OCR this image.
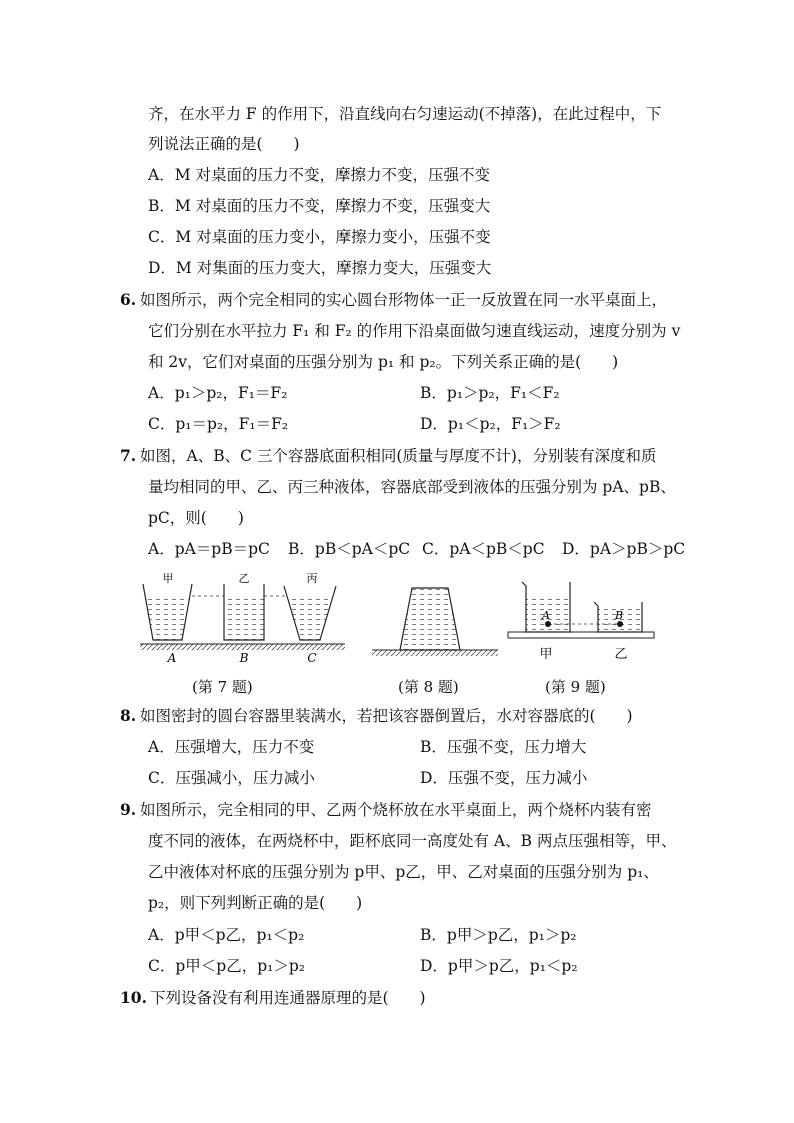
齐，在水平力 F 的作用下，沿直线向右匀速运动(不掉落)，在此过程中，下
列说法正确的是(　　)
A．M 对桌面的压力不变，摩擦力不变，压强不变
B．M 对桌面的压力不变，摩擦力不变，压强变大
C．M 对桌面的压力变小，摩擦力变小，压强不变
D．M 对集面的压力变大，摩擦力变大，压强变大
6. 如图所示，两个完全相同的实心圆台形物体一正一反放置在同一水平桌面上，
它们分别在水平拉力 F₁ 和 F₂ 的作用下沿桌面做匀速直线运动，速度分别为 v
和 2v，它们对桌面的压强分别为 p₁ 和 p₂。下列关系正确的是(　　)
A．p₁＞p₂，F₁＝F₂	B．p₁＞p₂，F₁＜F₂
C．p₁＝p₂，F₁＝F₂	D．p₁＜p₂，F₁＞F₂
7. 如图，A、B、C 三个容器底面积相同(质量与厚度不计)，分别装有深度和质
量均相同的甲、乙、丙三种液体，容器底部受到液体的压强分别为 pA、pB、
pC，则(　　)
A．pA＝pB＝pC B．pB＜pA＜pC C．pA＜pB＜pC D．pA＞pB＞pC
甲	乙	丙
A	B	C
A	B
甲	乙
(第 7 题)	(第 8 题)	(第 9 题)
8. 如图密封的圆台容器里装满水，若把该容器倒置后，水对容器底的(　　)
A．压强增大，压力不变	B．压强不变，压力增大
C．压强减小，压力减小	D．压强不变，压力减小
9. 如图所示，完全相同的甲、乙两个烧杯放在水平桌面上，两个烧杯内装有密
度不同的液体，在两烧杯中，距杯底同一高度处有 A、B 两点压强相等，甲、
乙中液体对杯底的压强分别为 p甲、p乙，甲、乙对桌面的压强分别为 p₁、
p₂，则下列判断正确的是(　　)
A．p甲＜p乙，p₁＜p₂	B．p甲＞p乙，p₁＞p₂
C．p甲＜p乙，p₁＞p₂	D．p甲＞p乙，p₁＜p₂
10. 下列设备没有利用连通器原理的是(　　)
